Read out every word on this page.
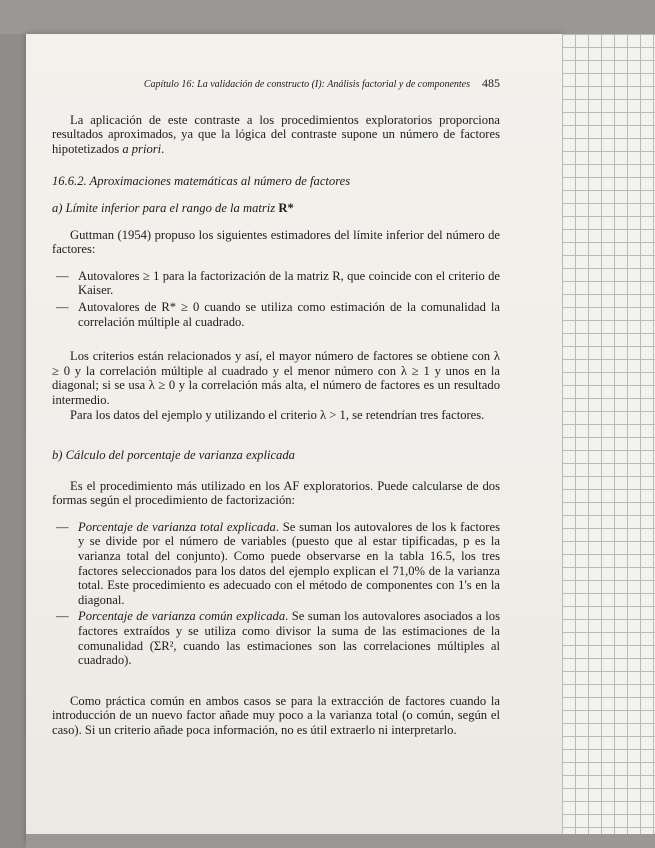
Capítulo 16: La validación de constructo (I): Análisis factorial y de componentes 485

La aplicación de este contraste a los procedimientos exploratorios proporciona resultados aproximados, ya que la lógica del contraste supone un número de factores hipotetizados a priori.

16.6.2. Aproximaciones matemáticas al número de factores

a) Límite inferior para el rango de la matriz R*

Guttman (1954) propuso los siguientes estimadores del límite inferior del número de factores:

— Autovalores ≥ 1 para la factorización de la matriz R, que coincide con el criterio de Kaiser.
— Autovalores de R* ≥ 0 cuando se utiliza como estimación de la comunalidad la correlación múltiple al cuadrado.

Los criterios están relacionados y así, el mayor número de factores se obtiene con λ ≥ 0 y la correlación múltiple al cuadrado y el menor número con λ ≥ 1 y unos en la diagonal; si se usa λ ≥ 0 y la correlación más alta, el número de factores es un resultado intermedio.

Para los datos del ejemplo y utilizando el criterio λ > 1, se retendrían tres factores.

b) Cálculo del porcentaje de varianza explicada

Es el procedimiento más utilizado en los AF exploratorios. Puede calcularse de dos formas según el procedimiento de factorización:

— Porcentaje de varianza total explicada. Se suman los autovalores de los k factores y se divide por el número de variables (puesto que al estar tipificadas, p es la varianza total del conjunto). Como puede observarse en la tabla 16.5, los tres factores seleccionados para los datos del ejemplo explican el 71,0% de la varianza total. Este procedimiento es adecuado con el método de componentes con 1's en la diagonal.
— Porcentaje de varianza común explicada. Se suman los autovalores asociados a los factores extraídos y se utiliza como divisor la suma de las estimaciones de la comunalidad (ΣR², cuando las estimaciones son las correlaciones múltiples al cuadrado).

Como práctica común en ambos casos se para la extracción de factores cuando la introducción de un nuevo factor añade muy poco a la varianza total (o común, según el caso). Si un criterio añade poca información, no es útil extraerlo ni interpretarlo.
